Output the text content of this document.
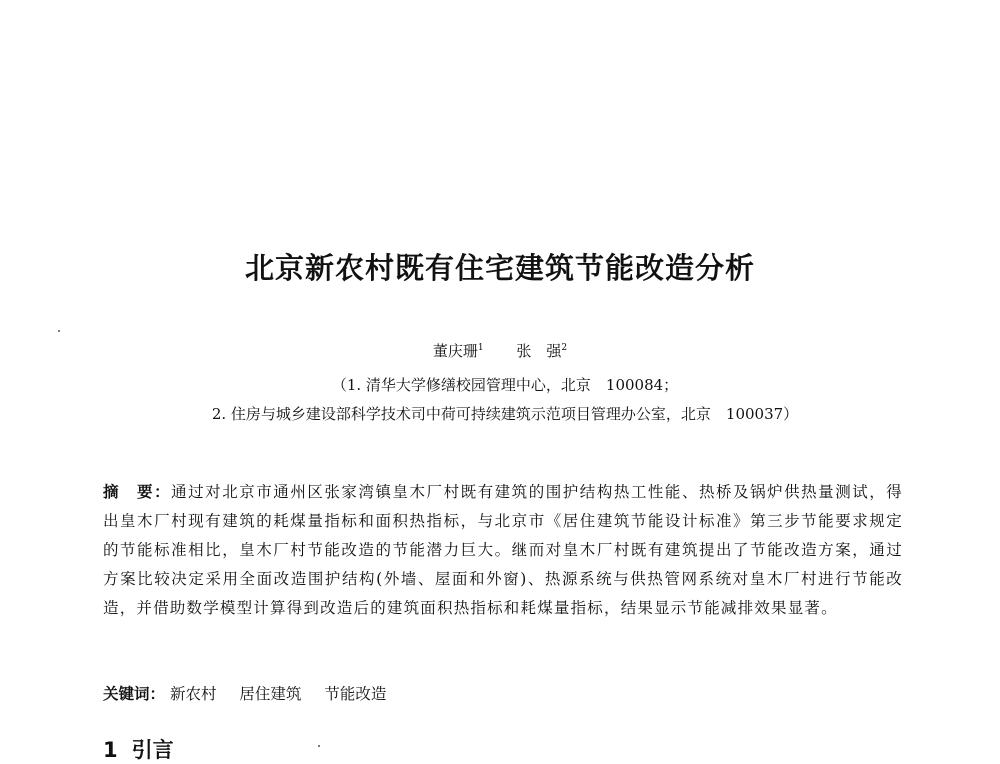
北京新农村既有住宅建筑节能改造分析
董庆珊$^1$ 张　强$^2$
（1. 清华大学修缮校园管理中心，北京　100084；
2. 住房与城乡建设部科学技术司中荷可持续建筑示范项目管理办公室，北京　100037）
摘　要：通过对北京市通州区张家湾镇皇木厂村既有建筑的围护结构热工性能、热桥及锅炉供热量测试，得出皇木厂村现有建筑的耗煤量指标和面积热指标，与北京市《居住建筑节能设计标准》第三步节能要求规定的节能标准相比，皇木厂村节能改造的节能潜力巨大。继而对皇木厂村既有建筑提出了节能改造方案，通过方案比较决定采用全面改造围护结构(外墙、屋面和外窗)、热源系统与供热管网系统对皇木厂村进行节能改造，并借助数学模型计算得到改造后的建筑面积热指标和耗煤量指标，结果显示节能减排效果显著。
关键词： 新农村 居住建筑 节能改造
1 引言
